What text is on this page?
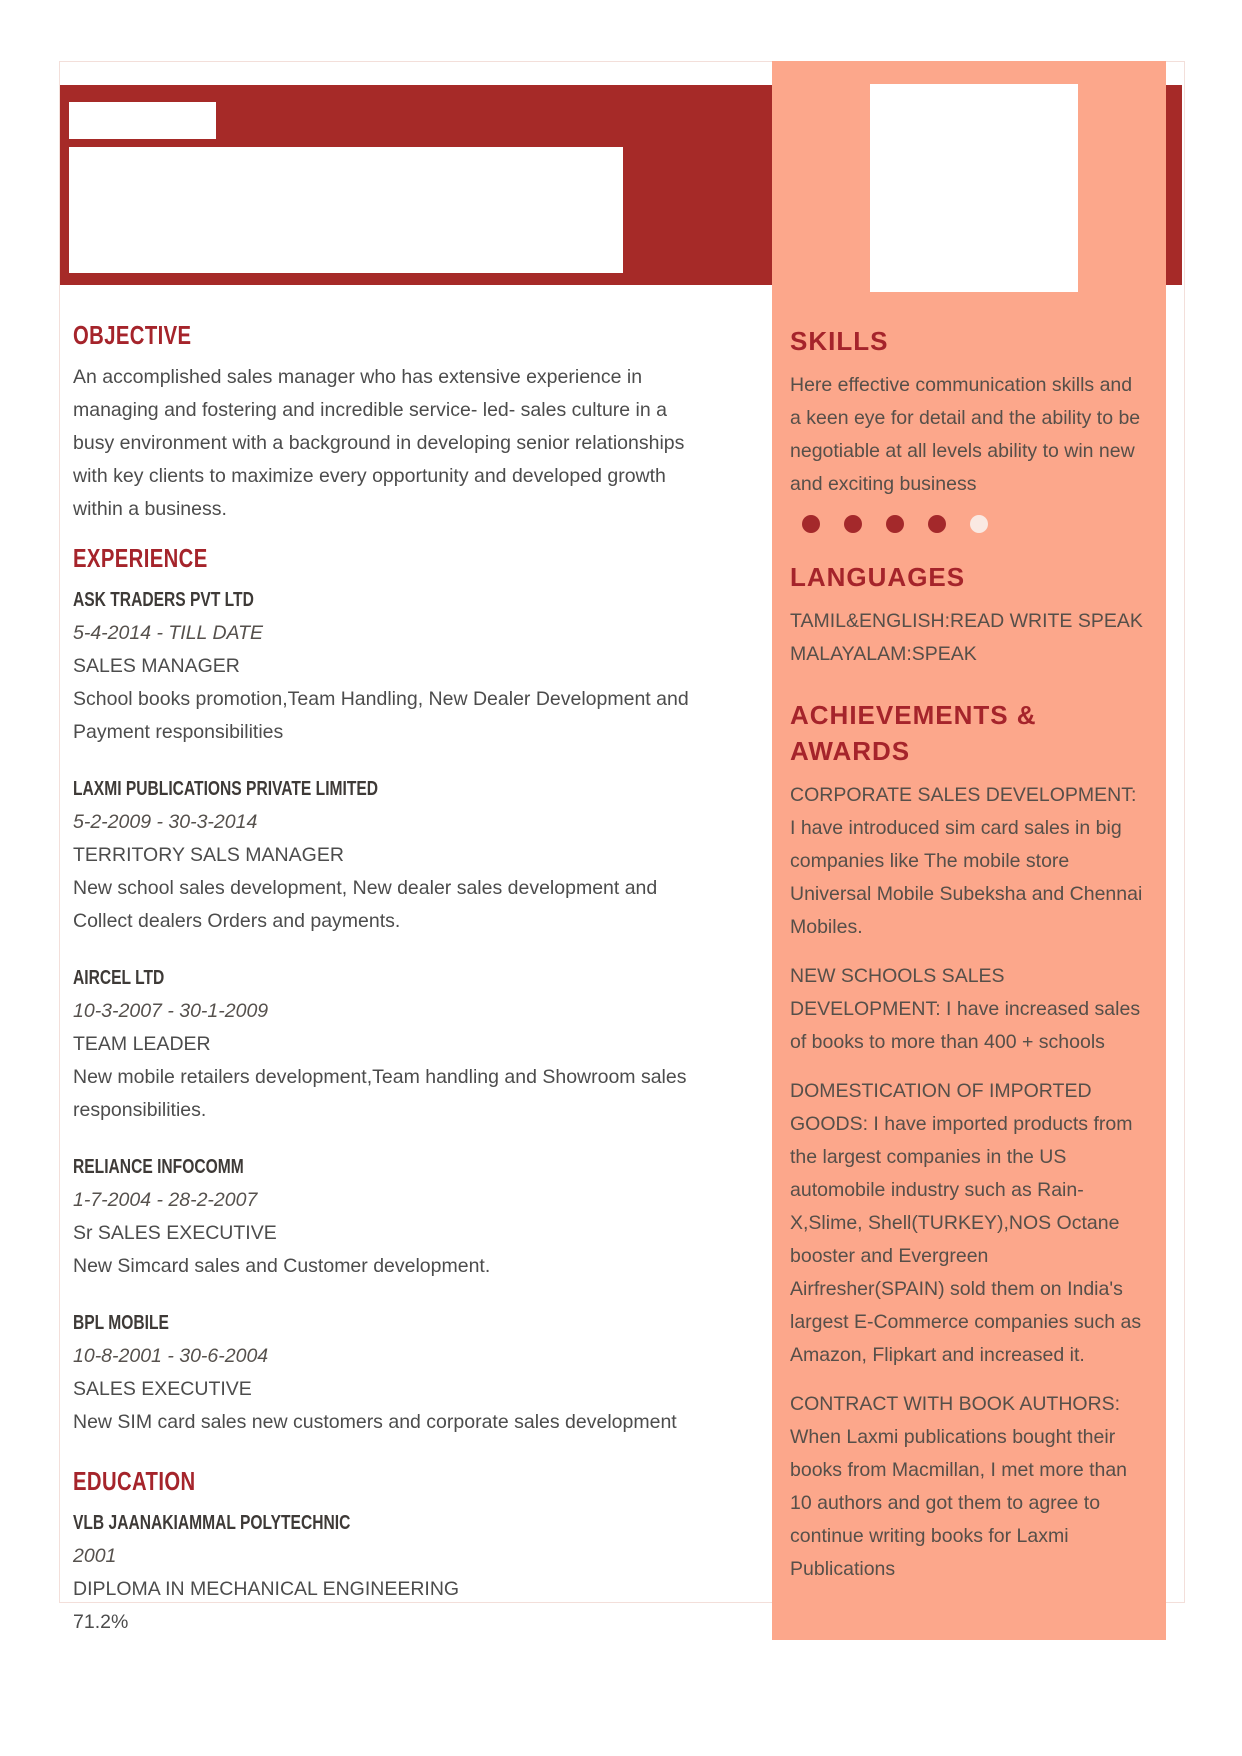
OBJECTIVE

An accomplished sales manager who has extensive experience in managing and fostering and incredible service- led- sales culture in a busy environment with a background in developing senior relationships with key clients to maximize every opportunity and developed growth within a business.

EXPERIENCE
ASK TRADERS PVT LTD
5-4-2014 - TILL DATE
SALES MANAGER
School books promotion,Team Handling, New Dealer Development and Payment responsibilities
LAXMI PUBLICATIONS PRIVATE LIMITED
5-2-2009 - 30-3-2014
TERRITORY SALS MANAGER
New school sales development, New dealer sales development and Collect dealers Orders and payments.
AIRCEL LTD
10-3-2007 - 30-1-2009
TEAM LEADER
New mobile retailers development,Team handling and Showroom sales responsibilities.
RELIANCE INFOCOMM
1-7-2004 - 28-2-2007
Sr SALES EXECUTIVE
New Simcard sales and Customer development.
BPL MOBILE
10-8-2001 - 30-6-2004
SALES EXECUTIVE
New SIM card sales new customers and corporate sales development
EDUCATION
VLB JAANAKIAMMAL POLYTECHNIC
2001
DIPLOMA IN MECHANICAL ENGINEERING
71.2%
SKILLS

Here effective communication skills and a keen eye for detail and the ability to be negotiable at all levels ability to win new and exciting business

LANGUAGES

TAMIL&ENGLISH:READ WRITE SPEAK

MALAYALAM:SPEAK

ACHIEVEMENTS & AWARDS

CORPORATE SALES DEVELOPMENT: I have introduced sim card sales in big companies like The mobile store Universal Mobile Subeksha and Chennai Mobiles.

NEW SCHOOLS SALES DEVELOPMENT: I have increased sales of books to more than 400 + schools

DOMESTICATION OF IMPORTED GOODS: I have imported products from the largest companies in the US automobile industry such as Rain-X,Slime, Shell(TURKEY),NOS Octane booster and Evergreen Airfresher(SPAIN) sold them on India's largest E-Commerce companies such as Amazon, Flipkart and increased it.

CONTRACT WITH BOOK AUTHORS: When Laxmi publications bought their books from Macmillan, I met more than 10 authors and got them to agree to continue writing books for Laxmi Publications
